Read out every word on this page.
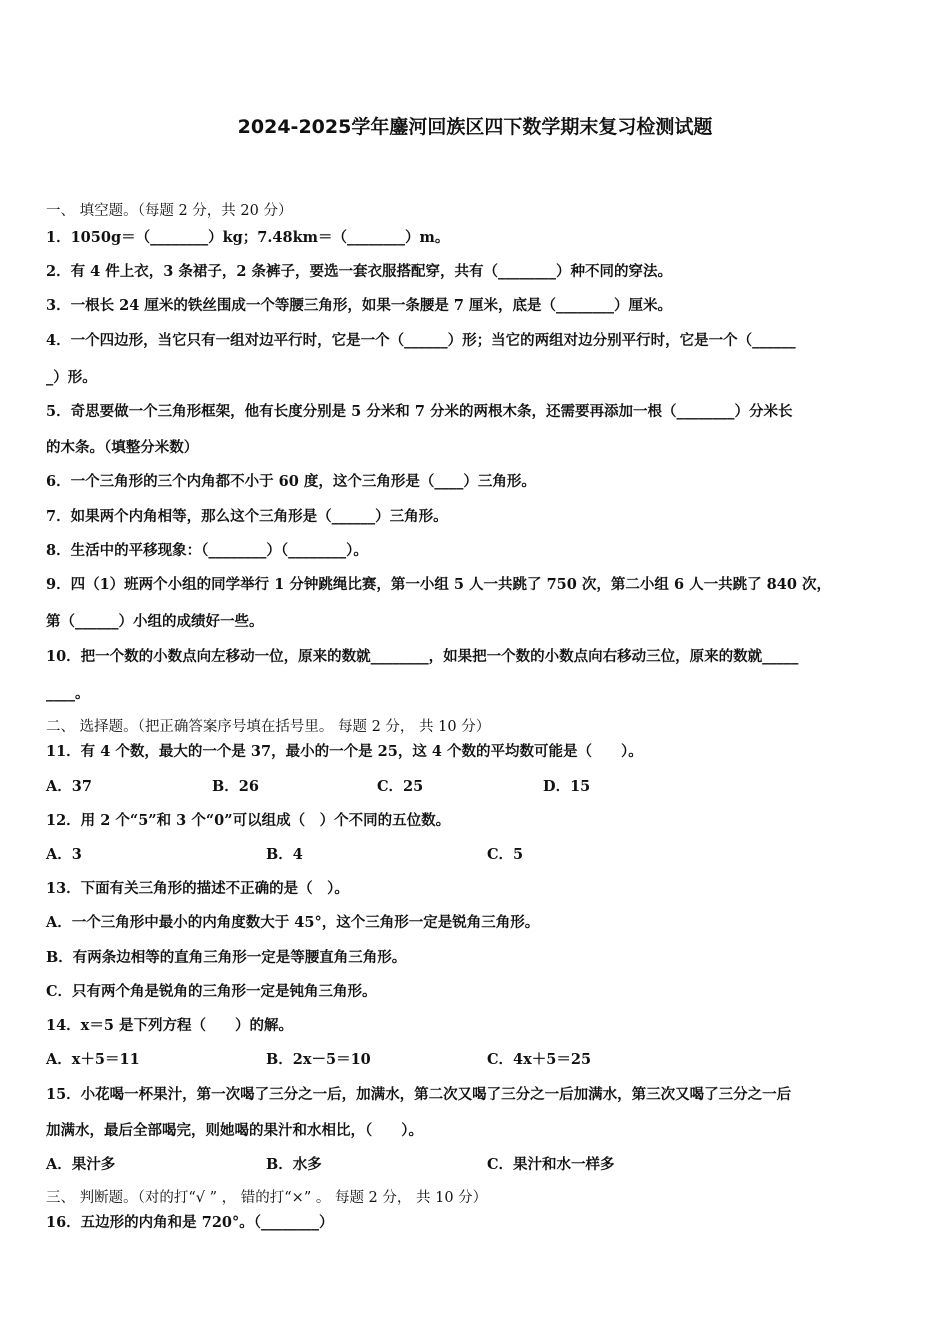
2024-2025学年鏖河回族区四下数学期末复习检测试题
一、 填空题。（每题 2 分，共 20 分）
1．1050g＝（________）kg；7.48km＝（________）m。
2．有 4 件上衣，3 条裙子，2 条裤子，要选一套衣服搭配穿，共有（________）种不同的穿法。
3．一根长 24 厘米的铁丝围成一个等腰三角形，如果一条腰是 7 厘米，底是（________）厘米。
4．一个四边形，当它只有一组对边平行时，它是一个（______）形；当它的两组对边分别平行时，它是一个（______
_）形。
5．奇思要做一个三角形框架，他有长度分别是 5 分米和 7 分米的两根木条，还需要再添加一根（________）分米长
的木条。（填整分米数）
6．一个三角形的三个内角都不小于 60 度，这个三角形是（____）三角形。
7．如果两个内角相等，那么这个三角形是（______）三角形。
8．生活中的平移现象：（________）（________）。
9．四（1）班两个小组的同学举行 1 分钟跳绳比赛，第一小组 5 人一共跳了 750 次，第二小组 6 人一共跳了 840 次，
第（______）小组的成绩好一些。
10．把一个数的小数点向左移动一位，原来的数就________，如果把一个数的小数点向右移动三位，原来的数就_____
____。
二、 选择题。（把正确答案序号填在括号里。 每题 2 分， 共 10 分）
11．有 4 个数，最大的一个是 37，最小的一个是 25，这 4 个数的平均数可能是（　　）。
A．37	B．26	C．25	D．15
12．用 2 个“5”和 3 个“0”可以组成（　）个不同的五位数。
A．3	B．4	C．5
13．下面有关三角形的描述不正确的是（　）。
A．一个三角形中最小的内角度数大于 45°，这个三角形一定是锐角三角形。
B．有两条边相等的直角三角形一定是等腰直角三角形。
C．只有两个角是锐角的三角形一定是钝角三角形。
14．x＝5 是下列方程（　　）的解。
A．x＋5＝11	B．2x－5＝10	C．4x＋5＝25
15．小花喝一杯果汁，第一次喝了三分之一后，加满水，第二次又喝了三分之一后加满水，第三次又喝了三分之一后
加满水，最后全部喝完，则她喝的果汁和水相比，（　　）。
A．果汁多	B．水多	C．果汁和水一样多
三、 判断题。（对的打“√ ” ， 错的打“×” 。 每题 2 分， 共 10 分）
16．五边形的内角和是 720°。（________）
